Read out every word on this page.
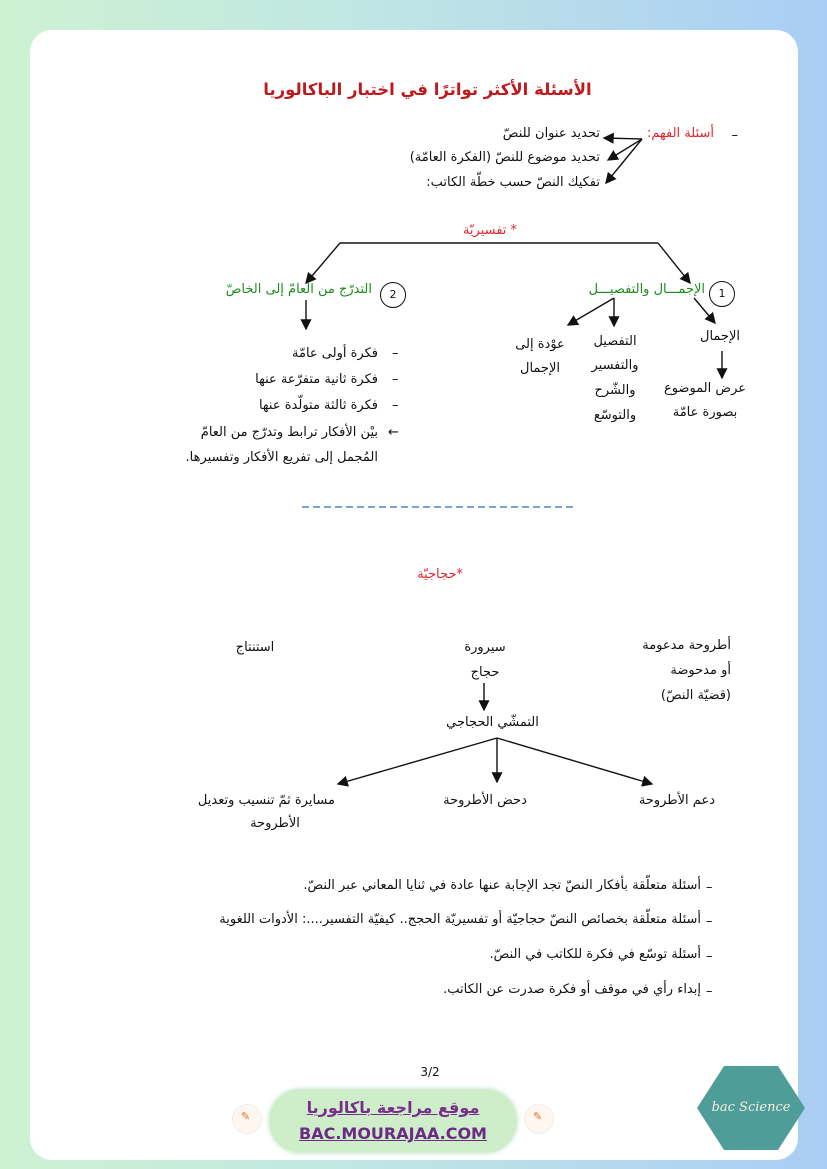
الأسئلة الأكثر تواترًا في اختبار الباكالوريا
–
أسئلة الفهم:
تحديد عنوان للنصّ
تحديد موضوع للنصّ (الفكرة العامّة)
تفكيك النصّ حسب خطّة الكاتب:
* تفسيريّة
1
الإجمـــال والتفصيـــل
2
التدرّج من العامّ إلى الخاصّ
الإجمال
عرض الموضوع
بصورة عامّة
التفصيل
والتفسير
والشّرح
والتوسّع
عوْدة إلى
الإجمال
–
فكرة أولى عامّة
–
فكرة ثانية متفرّعة عنها
–
فكرة ثالثة متولّدة عنها
←
بيْن الأفكار ترابط وتدرّج من العامّ
المُجمل إلى تفريع الأفكار وتفسيرها.
*حجاجيّة
أطروحة مدعومة
أو مدحوضة
(قضيّة النصّ)
سيرورة
حجاج
استنتاج
التمشّي الحجاجي
دعم الأطروحة
دحض الأطروحة
مسايرة ثمّ تنسيب وتعديل
الأطروحة
–
أسئلة متعلّقة بأفكار النصّ تجد الإجابة عنها عادة في ثنايا المعاني عبر النصّ.
–
أسئلة متعلّقة بخصائص النصّ حجاجيّة أو تفسيريّة الحجج.. كيفيّة التفسير....: الأدوات اللغوية
–
أسئلة توسّع في فكرة للكاتب في النصّ.
–
إبداء رأي في موقف أو فكرة صدرت عن الكاتب.
3/2
موقع مراجعة باكالوريا
BAC.MOURAJAA.COM
✎	✎
bac Science
